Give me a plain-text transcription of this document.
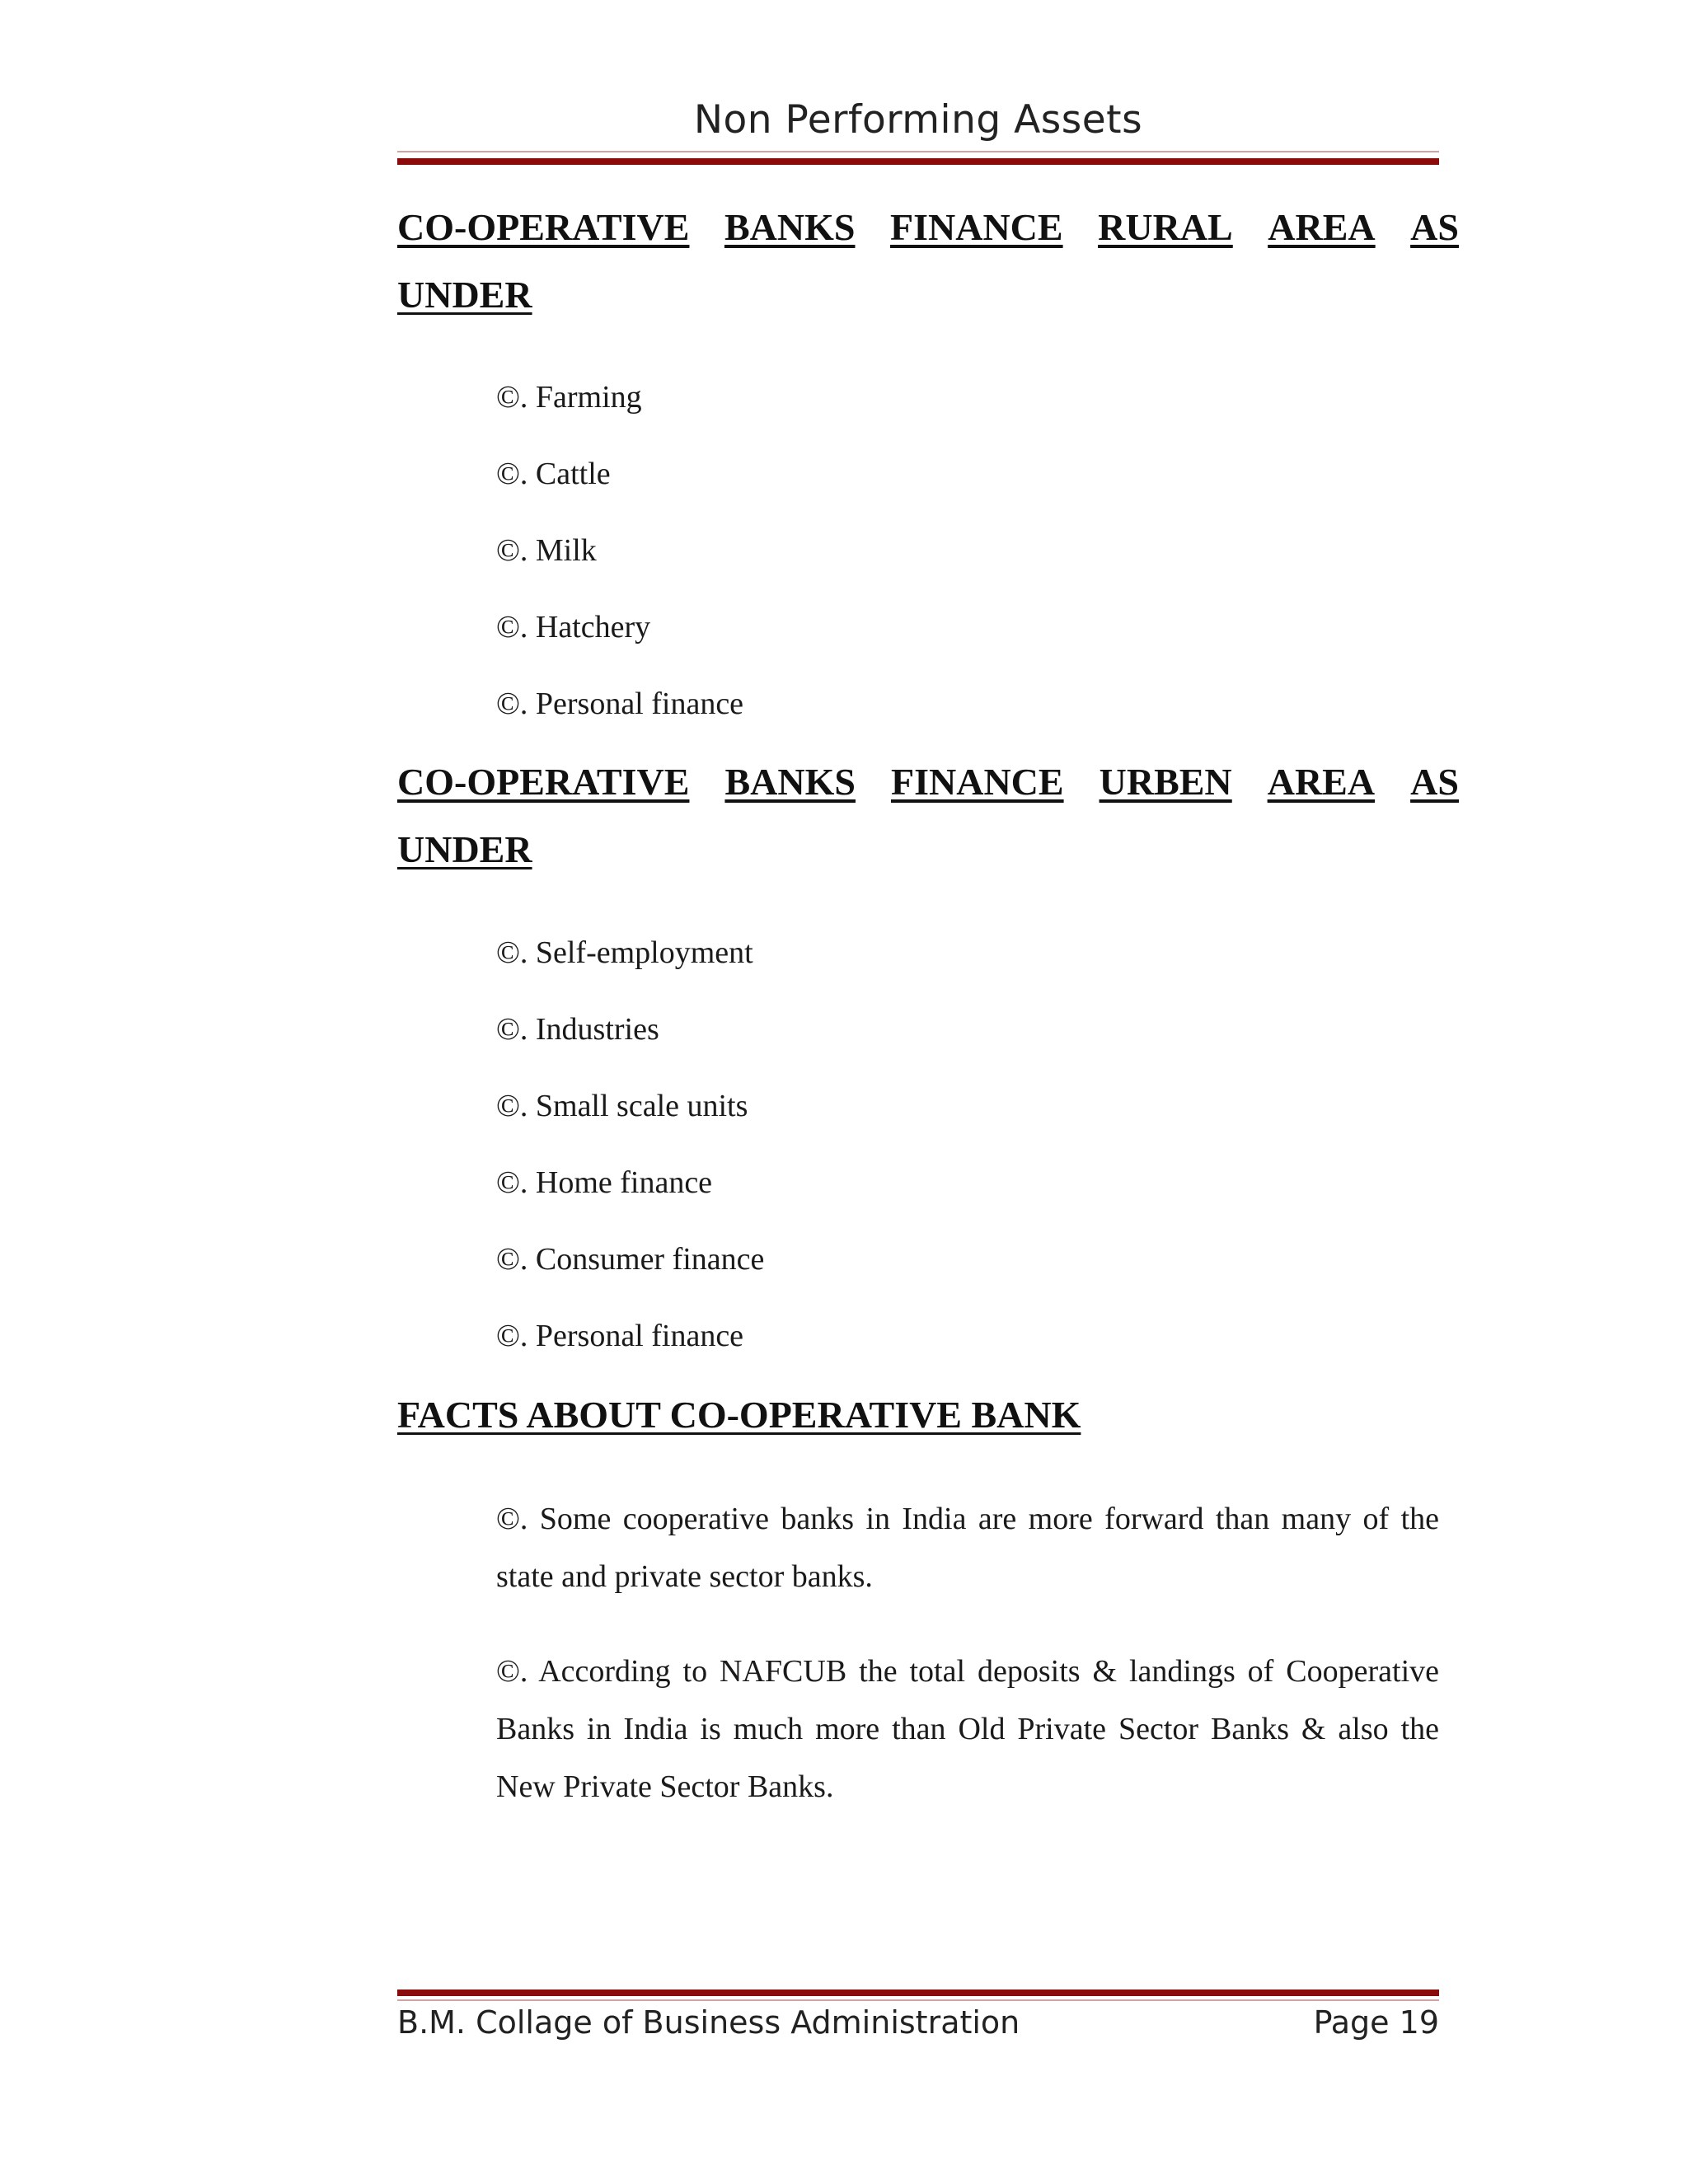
Non Performing Assets
CO-OPERATIVE BANKS FINANCE RURAL AREA AS
UNDER
©. Farming
©. Cattle
©. Milk
©. Hatchery
©. Personal finance
CO-OPERATIVE BANKS FINANCE URBEN AREA AS
UNDER
©. Self-employment
©. Industries
©. Small scale units
©. Home finance
©. Consumer finance
©. Personal finance
FACTS ABOUT CO-OPERATIVE BANK

©. Some cooperative banks in India are more forward than many of the state and private sector banks.

©. According to NAFCUB the total deposits & landings of Cooperative Banks in India is much more than Old Private Sector Banks & also the New Private Sector Banks.

B.M. Collage of Business Administration	Page 19
